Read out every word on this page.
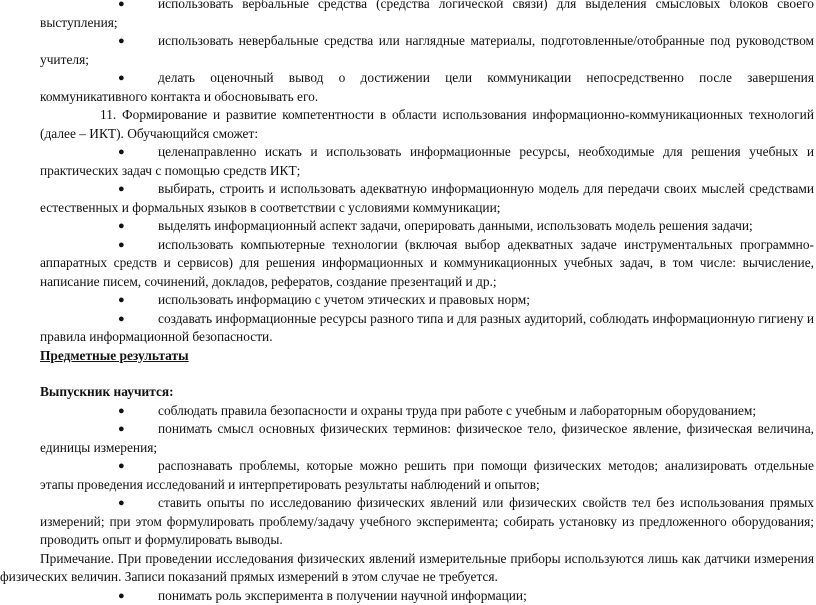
● использовать вербальные средства (средства логической связи) для выделения смысловых блоков своего выступления;
● использовать невербальные средства или наглядные материалы, подготовленные/отобранные под руководством учителя;
● делать оценочный вывод о достижении цели коммуникации непосредственно после завершения коммуникативного контакта и обосновывать его.
11. Формирование и развитие компетентности в области использования информационно-коммуникационных технологий (далее – ИКТ). Обучающийся сможет:
● целенаправленно искать и использовать информационные ресурсы, необходимые для решения учебных и практических задач с помощью средств ИКТ;
● выбирать, строить и использовать адекватную информационную модель для передачи своих мыслей средствами естественных и формальных языков в соответствии с условиями коммуникации;
● выделять информационный аспект задачи, оперировать данными, использовать модель решения задачи;
● использовать компьютерные технологии (включая выбор адекватных задаче инструментальных программно-аппаратных средств и сервисов) для решения информационных и коммуникационных учебных задач, в том числе: вычисление, написание писем, сочинений, докладов, рефератов, создание презентаций и др.;
● использовать информацию с учетом этических и правовых норм;
● создавать информационные ресурсы разного типа и для разных аудиторий, соблюдать информационную гигиену и правила информационной безопасности.
Предметные результаты
Выпускник научится:
● соблюдать правила безопасности и охраны труда при работе с учебным и лабораторным оборудованием;
● понимать смысл основных физических терминов: физическое тело, физическое явление, физическая величина, единицы измерения;
● распознавать проблемы, которые можно решить при помощи физических методов; анализировать отдельные этапы проведения исследований и интерпретировать результаты наблюдений и опытов;
● ставить опыты по исследованию физических явлений или физических свойств тел без использования прямых измерений; при этом формулировать проблему/задачу учебного эксперимента; собирать установку из предложенного оборудования; проводить опыт и формулировать выводы.
Примечание. При проведении исследования физических явлений измерительные приборы используются лишь как датчики измерения физических величин. Записи показаний прямых измерений в этом случае не требуется.
● понимать роль эксперимента в получении научной информации;
